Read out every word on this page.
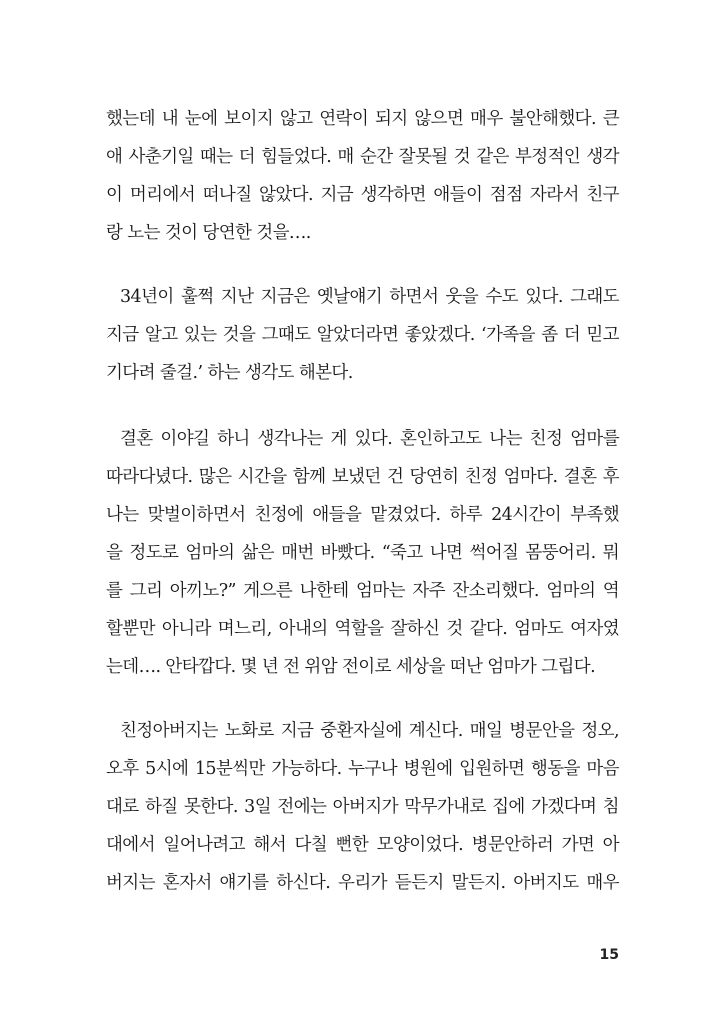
했는데 내 눈에 보이지 않고 연락이 되지 않으면 매우 불안해했다. 큰
애 사춘기일 때는 더 힘들었다. 매 순간 잘못될 것 같은 부정적인 생각
이 머리에서 떠나질 않았다. 지금 생각하면 애들이 점점 자라서 친구
랑 노는 것이 당연한 것을….
34년이 훌쩍 지난 지금은 옛날얘기 하면서 웃을 수도 있다. 그래도
지금 알고 있는 것을 그때도 알았더라면 좋았겠다. ‘가족을 좀 더 믿고
기다려 줄걸.’ 하는 생각도 해본다.
결혼 이야길 하니 생각나는 게 있다. 혼인하고도 나는 친정 엄마를
따라다녔다. 많은 시간을 함께 보냈던 건 당연히 친정 엄마다. 결혼 후
나는 맞벌이하면서 친정에 애들을 맡겼었다. 하루 24시간이 부족했
을 정도로 엄마의 삶은 매번 바빴다. “죽고 나면 썩어질 몸뚱어리. 뭐
를 그리 아끼노?” 게으른 나한테 엄마는 자주 잔소리했다. 엄마의 역
할뿐만 아니라 며느리, 아내의 역할을 잘하신 것 같다. 엄마도 여자였
는데…. 안타깝다. 몇 년 전 위암 전이로 세상을 떠난 엄마가 그립다.
친정아버지는 노화로 지금 중환자실에 계신다. 매일 병문안을 정오,
오후 5시에 15분씩만 가능하다. 누구나 병원에 입원하면 행동을 마음
대로 하질 못한다. 3일 전에는 아버지가 막무가내로 집에 가겠다며 침
대에서 일어나려고 해서 다칠 뻔한 모양이었다. 병문안하러 가면 아
버지는 혼자서 얘기를 하신다. 우리가 듣든지 말든지. 아버지도 매우
15
